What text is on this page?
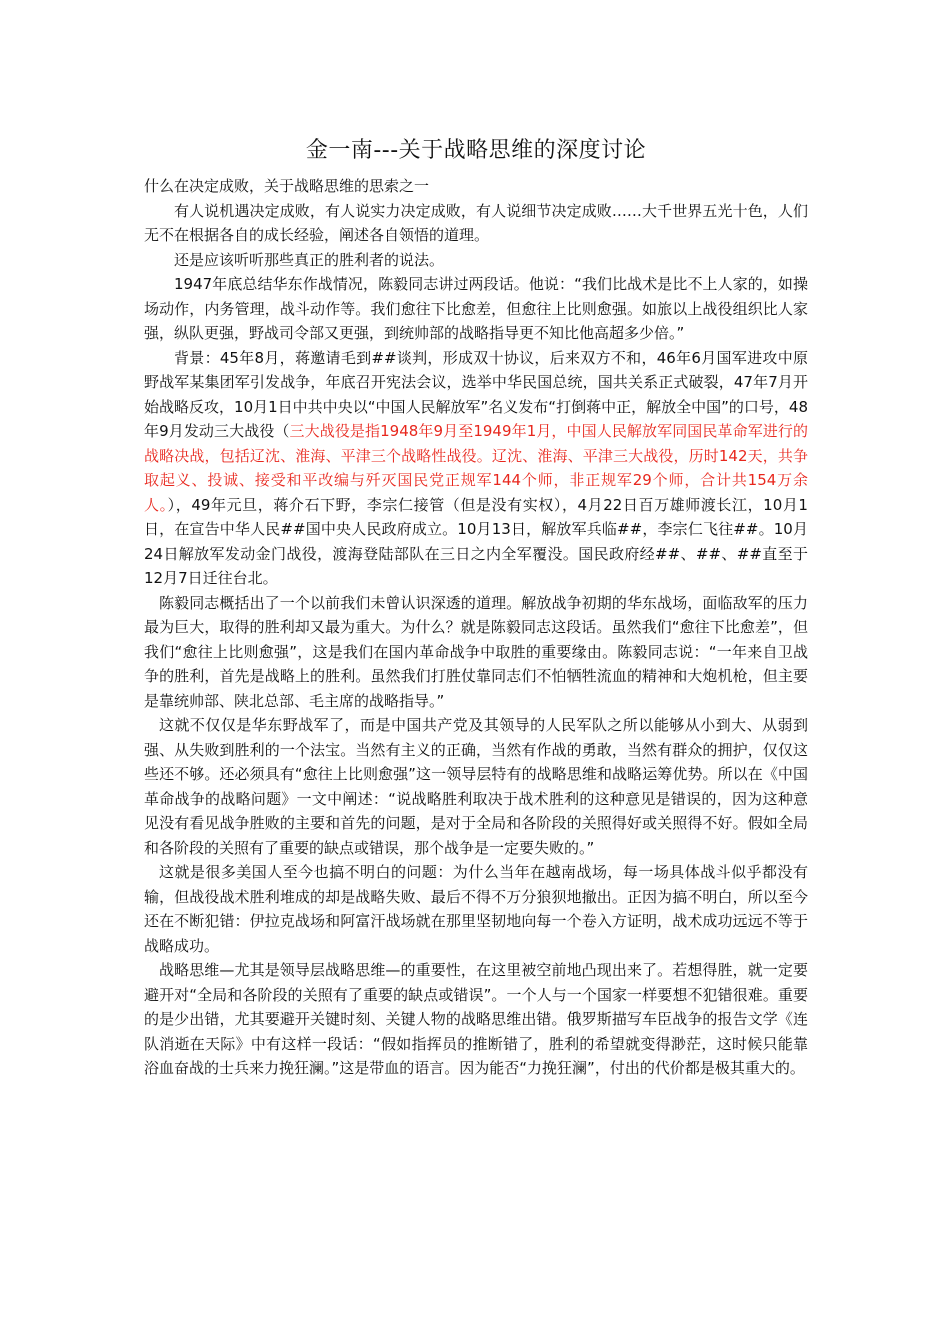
金一南---关于战略思维的深度讨论

什么在决定成败，关于战略思维的思索之一

有人说机遇决定成败，有人说实力决定成败，有人说细节决定成败……大千世界五光十色，人们无不在根据各自的成长经验，阐述各自领悟的道理。

还是应该听听那些真正的胜利者的说法。

1947年底总结华东作战情况，陈毅同志讲过两段话。他说：“我们比战术是比不上人家的，如操场动作，内务管理，战斗动作等。我们愈往下比愈差，但愈往上比则愈强。如旅以上战役组织比人家强，纵队更强，野战司令部又更强，到统帅部的战略指导更不知比他高超多少倍。”

背景：45年8月，蒋邀请毛到##谈判，形成双十协议，后来双方不和，46年6月国军进攻中原野战军某集团军引发战争，年底召开宪法会议，选举中华民国总统，国共关系正式破裂，47年7月开始战略反攻，10月1日中共中央以“中国人民解放军”名义发布“打倒蒋中正，解放全中国”的口号，48年9月发动三大战役（三大战役是指1948年9月至1949年1月，中国人民解放军同国民革命军进行的战略决战，包括辽沈、淮海、平津三个战略性战役。辽沈、淮海、平津三大战役，历时142天，共争取起义、投诚、接受和平改编与歼灭国民党正规军144个师，非正规军29个师，合计共154万余人。），49年元旦，蒋介石下野，李宗仁接管（但是没有实权），4月22日百万雄师渡长江，10月1日，在宣告中华人民##国中央人民政府成立。10月13日，解放军兵临##，李宗仁飞往##。10月24日解放军发动金门战役，渡海登陆部队在三日之内全军覆没。国民政府经##、##、##直至于12月7日迁往台北。

陈毅同志概括出了一个以前我们未曾认识深透的道理。解放战争初期的华东战场，面临敌军的压力最为巨大，取得的胜利却又最为重大。为什么？就是陈毅同志这段话。虽然我们“愈往下比愈差”，但我们“愈往上比则愈强”，这是我们在国内革命战争中取胜的重要缘由。陈毅同志说：“一年来自卫战争的胜利，首先是战略上的胜利。虽然我们打胜仗靠同志们不怕牺牲流血的精神和大炮机枪，但主要是靠统帅部、陕北总部、毛主席的战略指导。”

这就不仅仅是华东野战军了，而是中国共产党及其领导的人民军队之所以能够从小到大、从弱到强、从失败到胜利的一个法宝。当然有主义的正确，当然有作战的勇敢，当然有群众的拥护，仅仅这些还不够。还必须具有“愈往上比则愈强”这一领导层特有的战略思维和战略运筹优势。所以在《中国革命战争的战略问题》一文中阐述：“说战略胜利取决于战术胜利的这种意见是错误的，因为这种意见没有看见战争胜败的主要和首先的问题，是对于全局和各阶段的关照得好或关照得不好。假如全局和各阶段的关照有了重要的缺点或错误，那个战争是一定要失败的。”

这就是很多美国人至今也搞不明白的问题：为什么当年在越南战场，每一场具体战斗似乎都没有输，但战役战术胜利堆成的却是战略失败、最后不得不万分狼狈地撤出。正因为搞不明白，所以至今还在不断犯错：伊拉克战场和阿富汗战场就在那里坚韧地向每一个卷入方证明，战术成功远远不等于战略成功。

战略思维—尤其是领导层战略思维—的重要性，在这里被空前地凸现出来了。若想得胜，就一定要避开对“全局和各阶段的关照有了重要的缺点或错误”。一个人与一个国家一样要想不犯错很难。重要的是少出错，尤其要避开关键时刻、关键人物的战略思维出错。俄罗斯描写车臣战争的报告文学《连队消逝在天际》中有这样一段话：“假如指挥员的推断错了，胜利的希望就变得渺茫，这时候只能靠浴血奋战的士兵来力挽狂澜。”这是带血的语言。因为能否“力挽狂澜”，付出的代价都是极其重大的。
